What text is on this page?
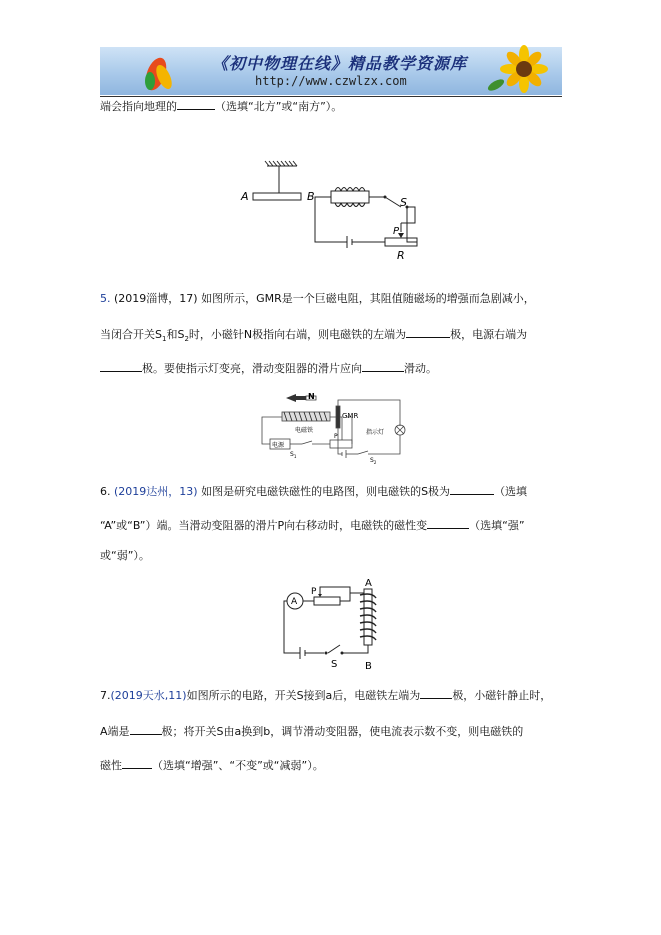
《初中物理在线》精品教学资源库
http://www.czwlzx.com
端会指向地理的	（选填“北方”或“南方”）。
A	B	S
P
R
5. (2019淄博，17) 如图所示，GMR是一个巨磁电阻，其阻值随磁场的增强而急剧减小，
当闭合开关$S_1$和$S_2$时，小磁针N极指向右端，则电磁铁的左端为	极，电源右端为
极。要使指示灯变亮，滑动变阻器的滑片应向	滑动。
N
GMR
电磁铁
电源
P
$S_1$
$S_2$
指示灯
6. (2019达州，13) 如图是研究电磁铁磁性的电路图，则电磁铁的S极为	（选填
“A”或“B”）端。当滑动变阻器的滑片P向右移动时，电磁铁的磁性变	（选填“强”
或“弱”）。
A
P
A
B
S
7.(2019天水,11)如图所示的电路，开关S接到a后，电磁铁左端为	极，小磁针静止时，
A端是	极；将开关S由a换到b，调节滑动变阻器，使电流表示数不变，则电磁铁的
磁性	（选填“增强”、“不变”或“减弱”）。
